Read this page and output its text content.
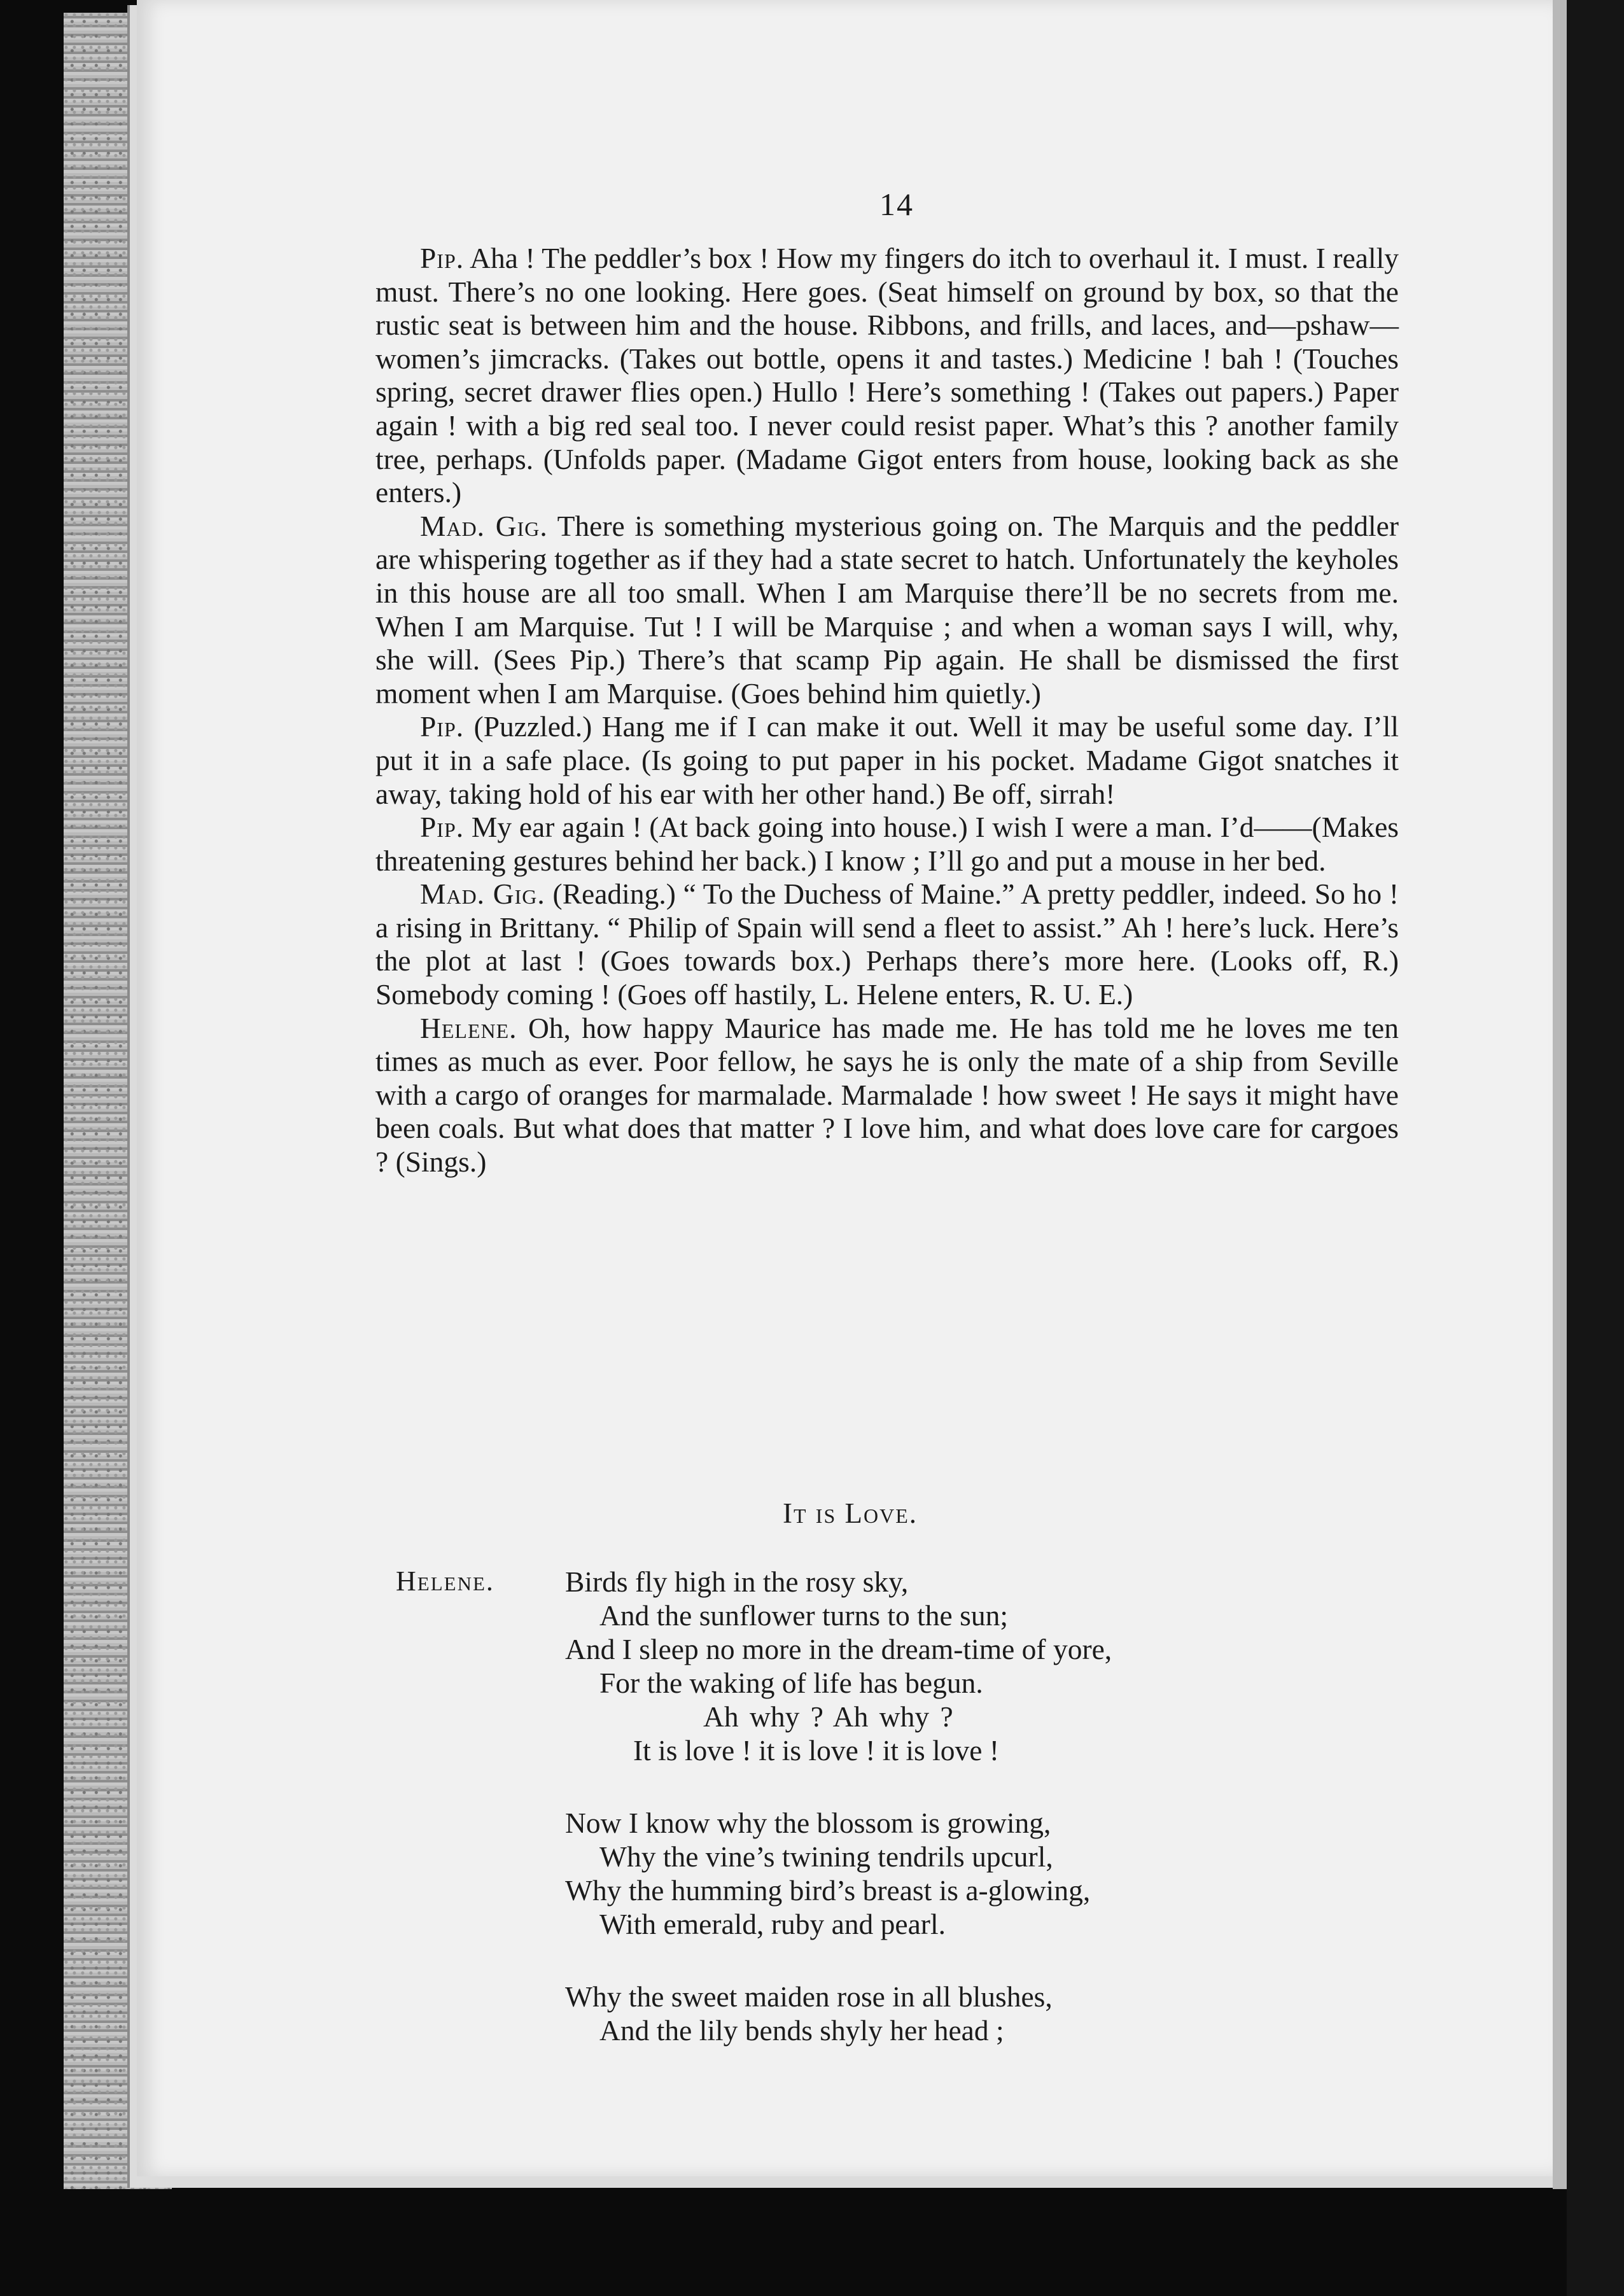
14

Pip. Aha ! The peddler’s box ! How my fingers do itch to overhaul it. I must. I really must. There’s no one looking. Here goes. (Seat himself on ground by box, so that the rustic seat is between him and the house. Ribbons, and frills, and laces, and—pshaw—women’s jimcracks. (Takes out bottle, opens it and tastes.) Medicine ! bah ! (Touches spring, secret drawer flies open.) Hullo ! Here’s something ! (Takes out papers.) Paper again ! with a big red seal too. I never could resist paper. What’s this ? another family tree, perhaps. (Unfolds paper. (Madame Gigot enters from house, looking back as she enters.)

Mad. Gig. There is something mysterious going on. The Marquis and the peddler are whispering together as if they had a state secret to hatch. Unfortunately the keyholes in this house are all too small. When I am Marquise there’ll be no secrets from me. When I am Marquise. Tut ! I will be Marquise ; and when a woman says I will, why, she will. (Sees Pip.) There’s that scamp Pip again. He shall be dismissed the first moment when I am Marquise. (Goes behind him quietly.)

Pip. (Puzzled.) Hang me if I can make it out. Well it may be useful some day. I’ll put it in a safe place. (Is going to put paper in his pocket. Madame Gigot snatches it away, taking hold of his ear with her other hand.) Be off, sirrah!

Pip. My ear again ! (At back going into house.) I wish I were a man. I’d——(Makes threatening gestures behind her back.) I know ; I’ll go and put a mouse in her bed.

Mad. Gig. (Reading.) “ To the Duchess of Maine.” A pretty peddler, indeed. So ho ! a rising in Brittany. “ Philip of Spain will send a fleet to assist.” Ah ! here’s luck. Here’s the plot at last ! (Goes towards box.) Perhaps there’s more here. (Looks off, R.) Somebody coming ! (Goes off hastily, L. Helene enters, R. U. E.)

Helene. Oh, how happy Maurice has made me. He has told me he loves me ten times as much as ever. Poor fellow, he says he is only the mate of a ship from Seville with a cargo of oranges for marmalade. Marmalade ! how sweet ! He says it might have been coals. But what does that matter ? I love him, and what does love care for cargoes ? (Sings.)

It is Love.
Helene. Birds fly high in the rosy sky,
And the sunflower turns to the sun;
And I sleep no more in the dream-time of yore,
For the waking of life has begun.
Ah why ? Ah why ?
It is love ! it is love ! it is love !
Now I know why the blossom is growing,
Why the vine’s twining tendrils upcurl,
Why the humming bird’s breast is a-glowing,
With emerald, ruby and pearl.
Why the sweet maiden rose in all blushes,
And the lily bends shyly her head ;
